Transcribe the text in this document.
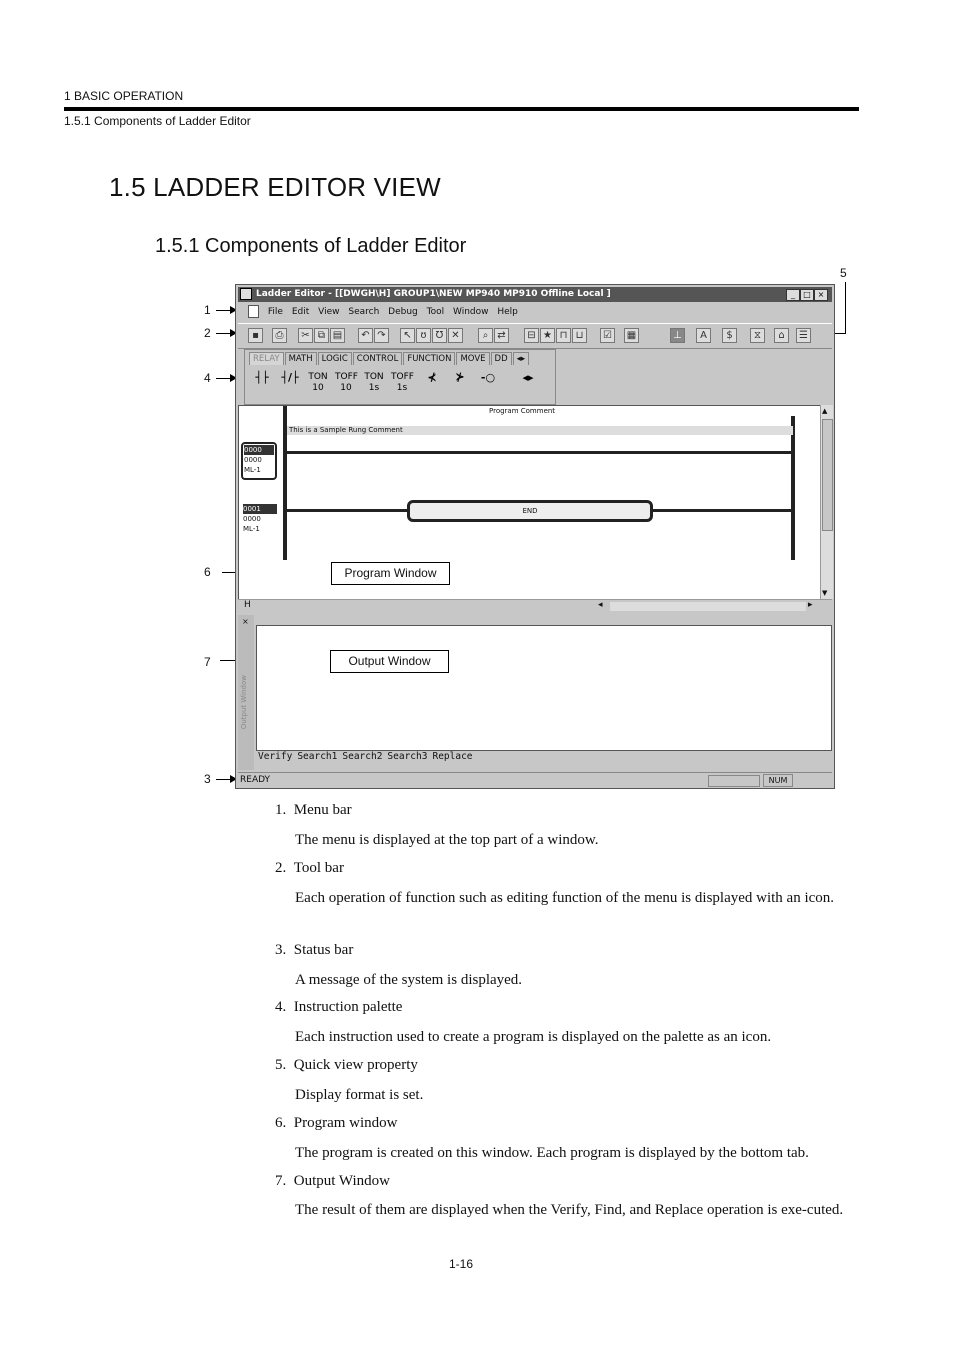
1 BASIC OPERATION
1.5.1 Components of Ladder Editor
1.5 LADDER EDITOR VIEW
1.5.1 Components of Ladder Editor
1
2
4
5
6
7
3
Ladder Editor - [[DWGH\H] GROUP1\NEW MP940 MP910 Offline Local ]	_	□ ×
File Edit View Search Debug Tool Window Help
▪	⎙	✂ ⧉ ▤	↶ ↷	↖ ʊ Ʊ ✕	⌕ ⇄	⊟ ★ ⊓ ⊔	☑	▦	⊥	A	$	⧖	⌂	☰
RELAY MATH LOGIC CONTROL FUNCTION MOVE DD ◂▸
┤├	┤/├ TON
10
TOFF
10
TON
1s
TOFF
1s
⊀	⊁	-○	◂▸
Program Comment
This is a Sample Rung Comment
0000
0000
ML-1
0001
0000
ML-1
END
▲
▼
H	◂	▸
×
Output Window
Verify Search1 Search2 Search3 Replace
READY	NUM
Program Window
Output Window
1. Menu bar
The menu is displayed at the top part of a window.
2. Tool bar
Each operation of function such as editing function of the menu is displayed with an icon.
3. Status bar
A message of the system is displayed.
4. Instruction palette
Each instruction used to create a program is displayed on the palette as an icon.
5. Quick view property
Display format is set.
6. Program window
The program is created on this window. Each program is displayed by the bottom tab.
7. Output Window
The result of them are displayed when the Verify, Find, and Replace operation is exe-cuted.
1-16
